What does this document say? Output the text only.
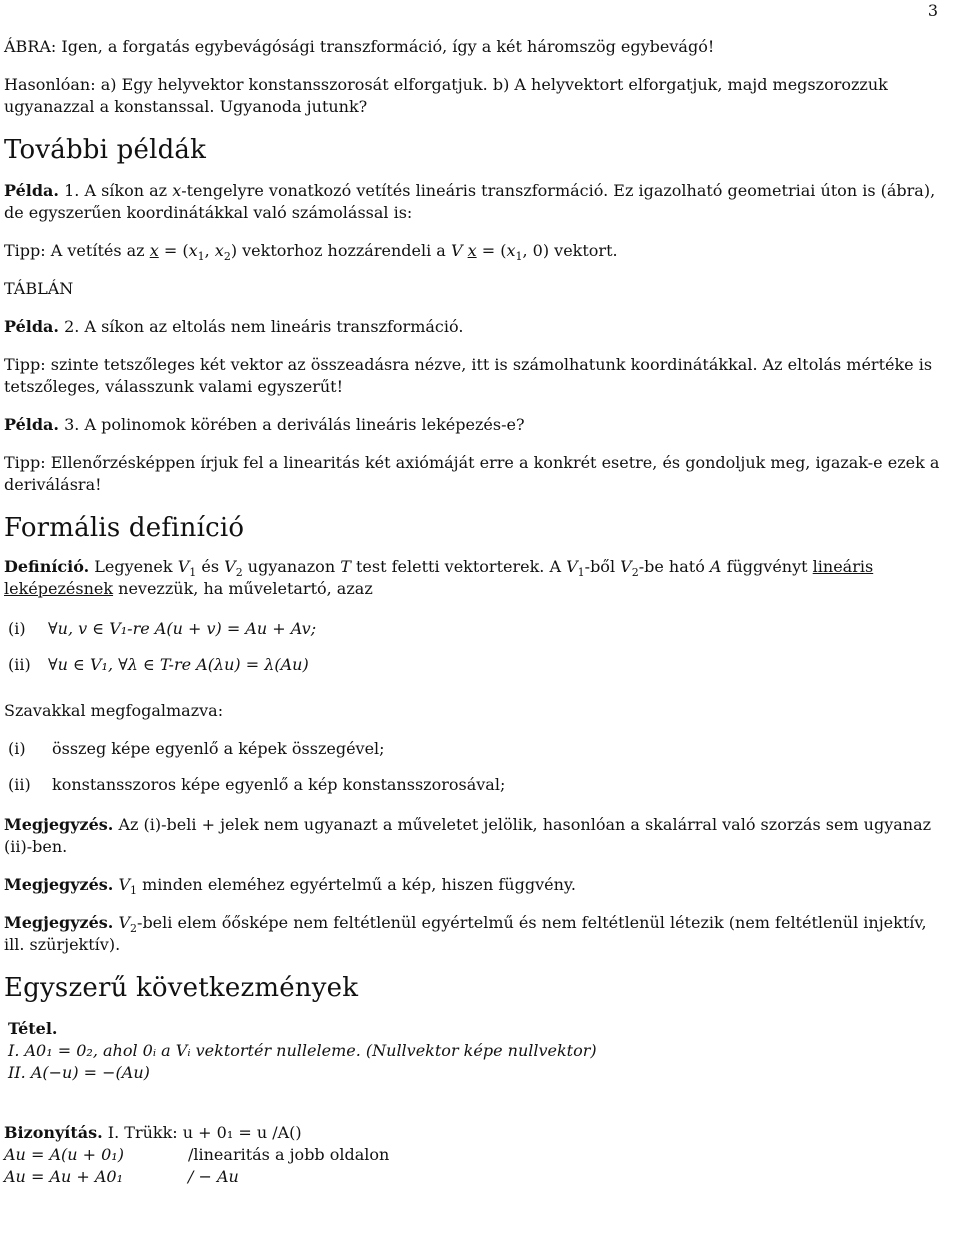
3

ÁBRA: Igen, a forgatás egybevágósági transzformáció, így a két háromszög egybevágó!

Hasonlóan: a) Egy helyvektor konstansszorosát elforgatjuk. b) A helyvektort elforgatjuk, majd megszorozzuk ugyanazzal a konstanssal. Ugyanoda jutunk?

További példák

Példa. 1. A síkon az x-tengelyre vonatkozó vetítés lineáris transzformáció. Ez igazolható geometriai úton is (ábra), de egyszerűen koordinátákkal való számolással is:

Tipp: A vetítés az $x = (x_1$, $x_2$) vektorhoz hozzárendeli a V $x = (x_1$, 0) vektort.

TÁBLÁN

Példa. 2. A síkon az eltolás nem lineáris transzformáció.

Tipp: szinte tetszőleges két vektor az összeadásra nézve, itt is számolhatunk koordinátákkal. Az eltolás mértéke is tetszőleges, válasszunk valami egyszerűt!

Példa. 3. A polinomok körében a deriválás lineáris leképezés-e?

Tipp: Ellenőrzésképpen írjuk fel a linearitás két axiómáját erre a konkrét esetre, és gondoljuk meg, igazak-e ezek a deriválásra!

Formális definíció

Definíció. Legyenek $V_1$ és $V_2$ ugyanazon T test feletti vektorterek. A $V_1$-ből $V_2-be$ ható A függvényt lineáris leképezésnek nevezzük, ha műveletartó, azaz

(i)	∀u, v ∈ V₁-re A(u + v) = Au + Av;
(ii)	∀u ∈ V₁, ∀λ ∈ T-re A(λu) = λ(Au)

Szavakkal megfogalmazva:

(i)	összeg képe egyenlő a képek összegével;
(ii)	konstansszoros képe egyenlő a kép konstansszorosával;

Megjegyzés. Az (i)-beli + jelek nem ugyanazt a műveletet jelölik, hasonlóan a skalárral való szorzás sem ugyanaz (ii)-ben.

Megjegyzés. $V_1$ minden eleméhez egyértelmű a kép, hiszen függvény.

Megjegyzés. $V_2$-beli elem őősképe nem feltétlenül egyértelmű és nem feltétlenül létezik (nem feltétlenül injektív, ill. szürjektív).

Egyszerű következmények

Tétel.

I. A0₁ = 0₂, ahol 0ᵢ a Vᵢ vektortér nulleleme. (Nullvektor képe nullvektor)

II. A(−u) = −(Au)

Bizonyítás. I. Trükk: u + 0₁ = u /A()

Au = A(u + 0₁)	/linearitás a jobb oldalon
Au = Au + A0₁	/ − Au
